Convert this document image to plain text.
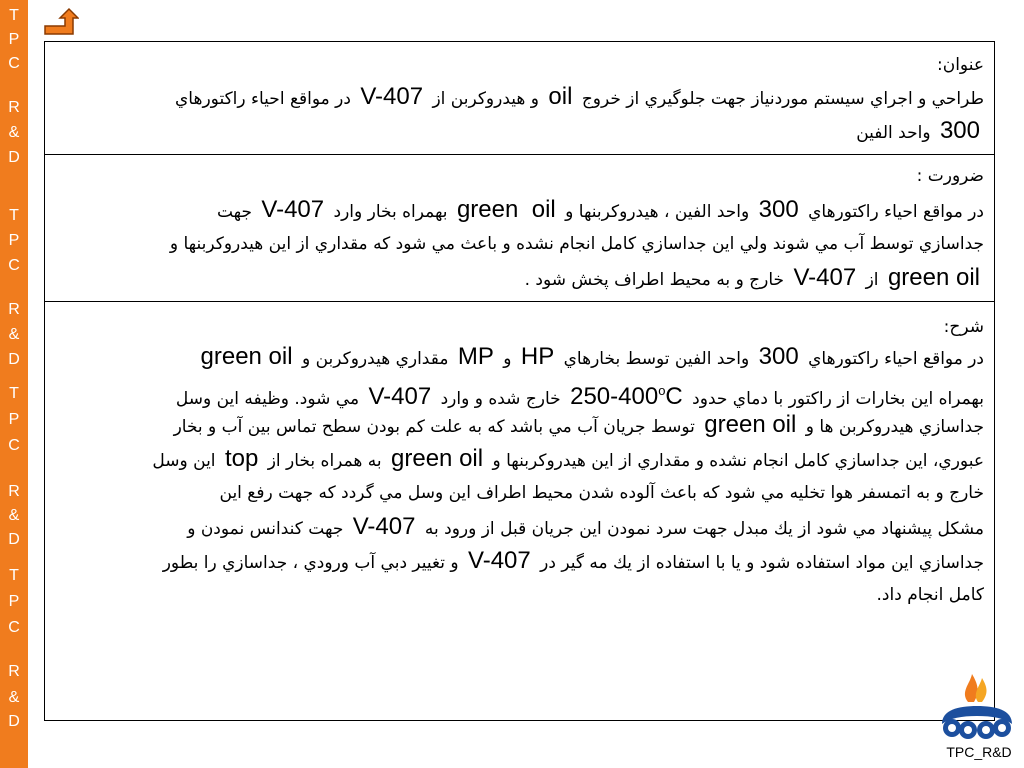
T
P
C
R
&
D
T
P
C
R
&
D
T
P
C
R
&
D
T
P
C
R
&
D
عنوان:
طراحي و اجراي سيستم موردنياز جهت جلوگيري از خروج oil و هيدروكربن از V-407 در مواقع احياء راكتورهاي
300 واحد الفين
ضرورت :
در مواقع احياء راكتورهاي 300 واحد الفين ، هيدروكربنها و oil green بهمراه بخار وارد V-407 جهت
جداسازي توسط آب مي شوند ولي اين جداسازي كامل انجام نشده و باعث مي شود كه مقداري از اين هيدروكربنها و
green oil از V-407 خارج و به محيط اطراف پخش شود .
شرح:
در مواقع احياء راكتورهاي 300 واحد الفين توسط بخارهاي HP و MP مقداري هيدروكربن و green oil
بهمراه اين بخارات از راكتور با دماي حدود 250-400$^o$C خارج شده و وارد V-407 مي شود. وظيفه اين وسل
جداسازي هيدروكربن ها و green oil توسط جريان آب مي باشد كه به علت كم بودن سطح تماس بين آب و بخار
عبوري، اين جداسازي كامل انجام نشده و مقداري از اين هيدروكربنها و green oil به همراه بخار از top اين وسل
خارج و به اتمسفر هوا تخليه مي شود كه باعث آلوده شدن محيط اطراف اين وسل مي گردد كه جهت رفع اين
مشكل پيشنهاد مي شود از يك مبدل جهت سرد نمودن اين جريان قبل از ورود به V-407 جهت كندانس نمودن و
جداسازي اين مواد استفاده شود و يا با استفاده از يك مه گير در V-407 و تغيير دبي آب ورودي ، جداسازي را بطور
كامل انجام داد.
TPC_R&D
